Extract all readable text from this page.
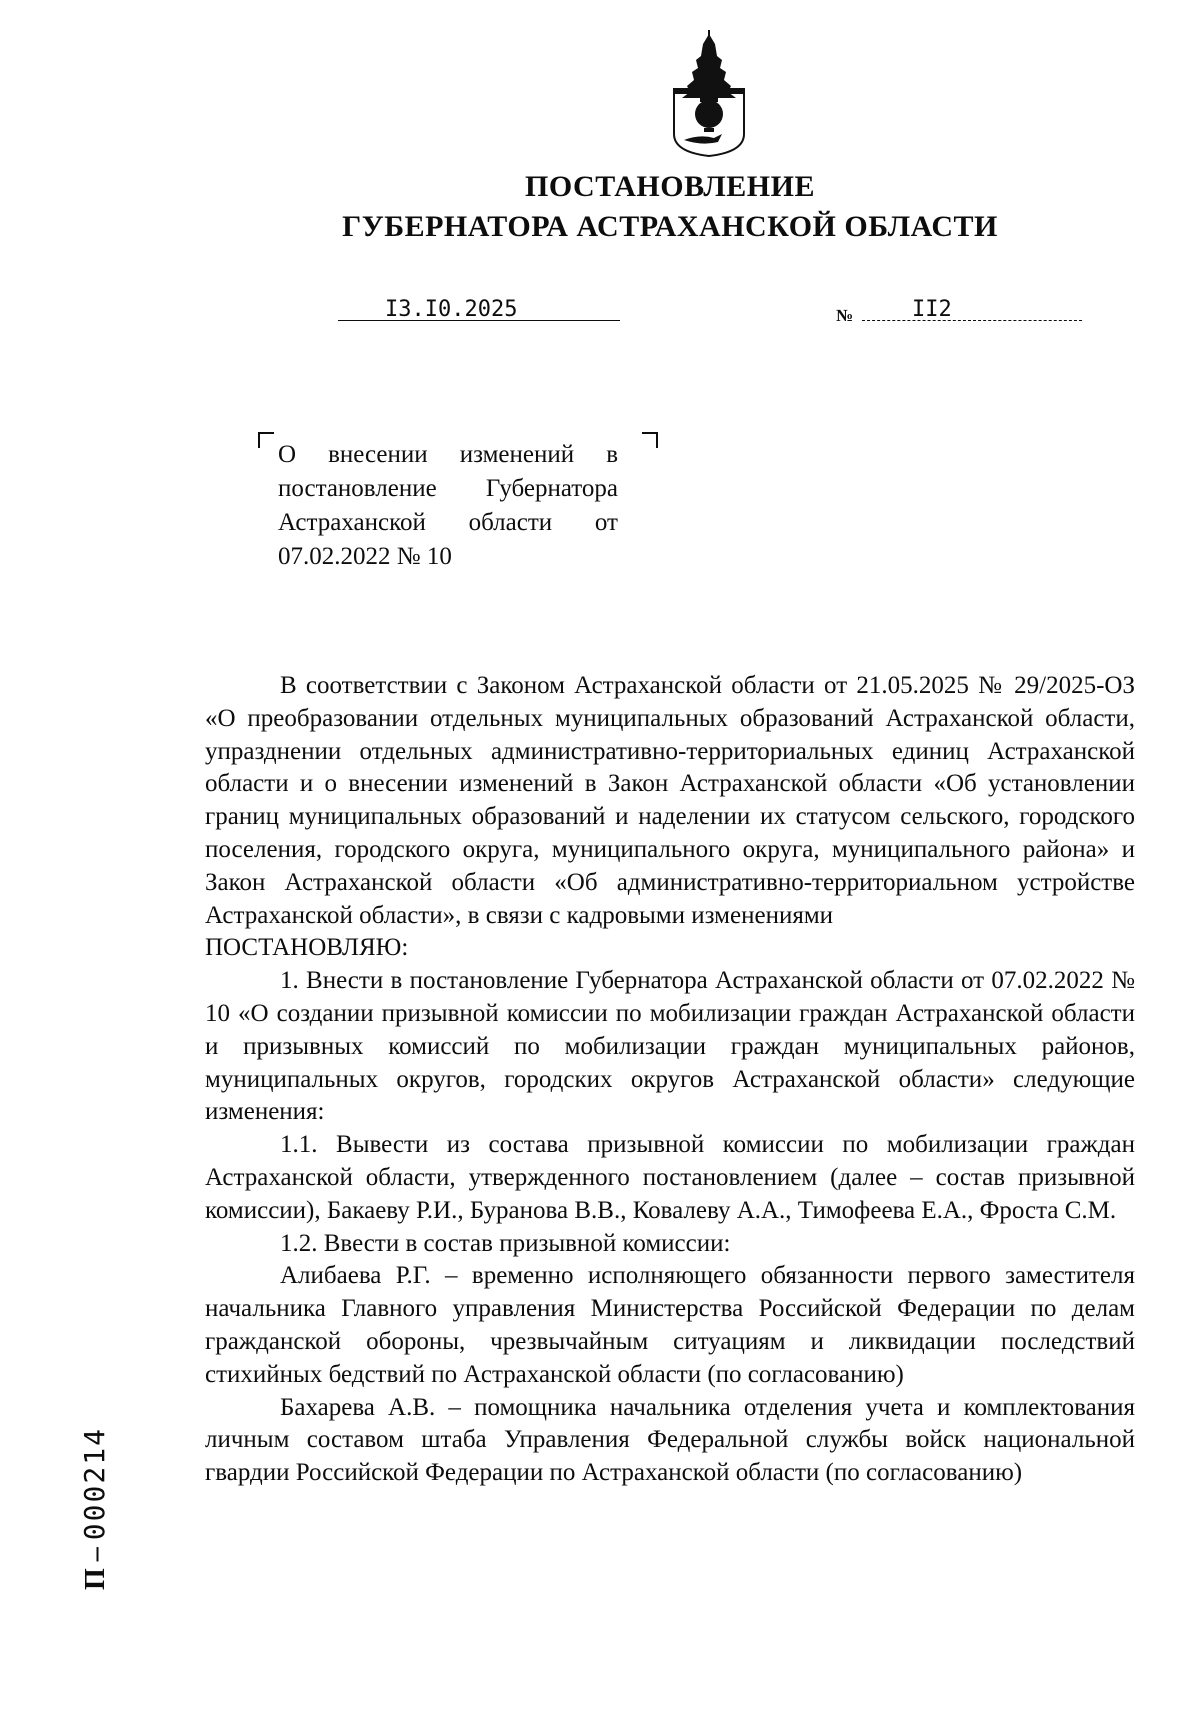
ПОСТАНОВЛЕНИЕ
ГУБЕРНАТОРА АСТРАХАНСКОЙ ОБЛАСТИ
I3.I0.2025	№	II2

О внесении изменений в

постановление Губернатора

Астраханской области от

07.02.2022 № 10

В соответствии с Законом Астраханской области от 21.05.2025 № 29/2025-ОЗ «О преобразовании отдельных муниципальных образований Астраханской области, упразднении отдельных административно-территориальных единиц Астраханской области и о внесении изменений в Закон Астраханской области «Об установлении границ муниципальных образований и наделении их статусом сельского, городского поселения, городского округа, муниципального округа, муниципального района» и Закон Астраханской области «Об административно-территориальном устройстве Астраханской области», в связи с кадровыми изменениями

ПОСТАНОВЛЯЮ:

1. Внести в постановление Губернатора Астраханской области от 07.02.2022 № 10 «О создании призывной комиссии по мобилизации граждан Астраханской области и призывных комиссий по мобилизации граждан муниципальных районов, муниципальных округов, городских округов Астраханской области» следующие изменения:

1.1. Вывести из состава призывной комиссии по мобилизации граждан Астраханской области, утвержденного постановлением (далее – состав призывной комиссии), Бакаеву Р.И., Буранова В.В., Ковалеву А.А., Тимофеева Е.А., Фроста С.М.

1.2. Ввести в состав призывной комиссии:

Алибаева Р.Г. – временно исполняющего обязанности первого заместителя начальника Главного управления Министерства Российской Федерации по делам гражданской обороны, чрезвычайным ситуациям и ликвидации последствий стихийных бедствий по Астраханской области (по согласованию)

Бахарева А.В. – помощника начальника отделения учета и комплектования личным составом штаба Управления Федеральной службы войск национальной гвардии Российской Федерации по Астраханской области (по согласованию)

П – 000214
